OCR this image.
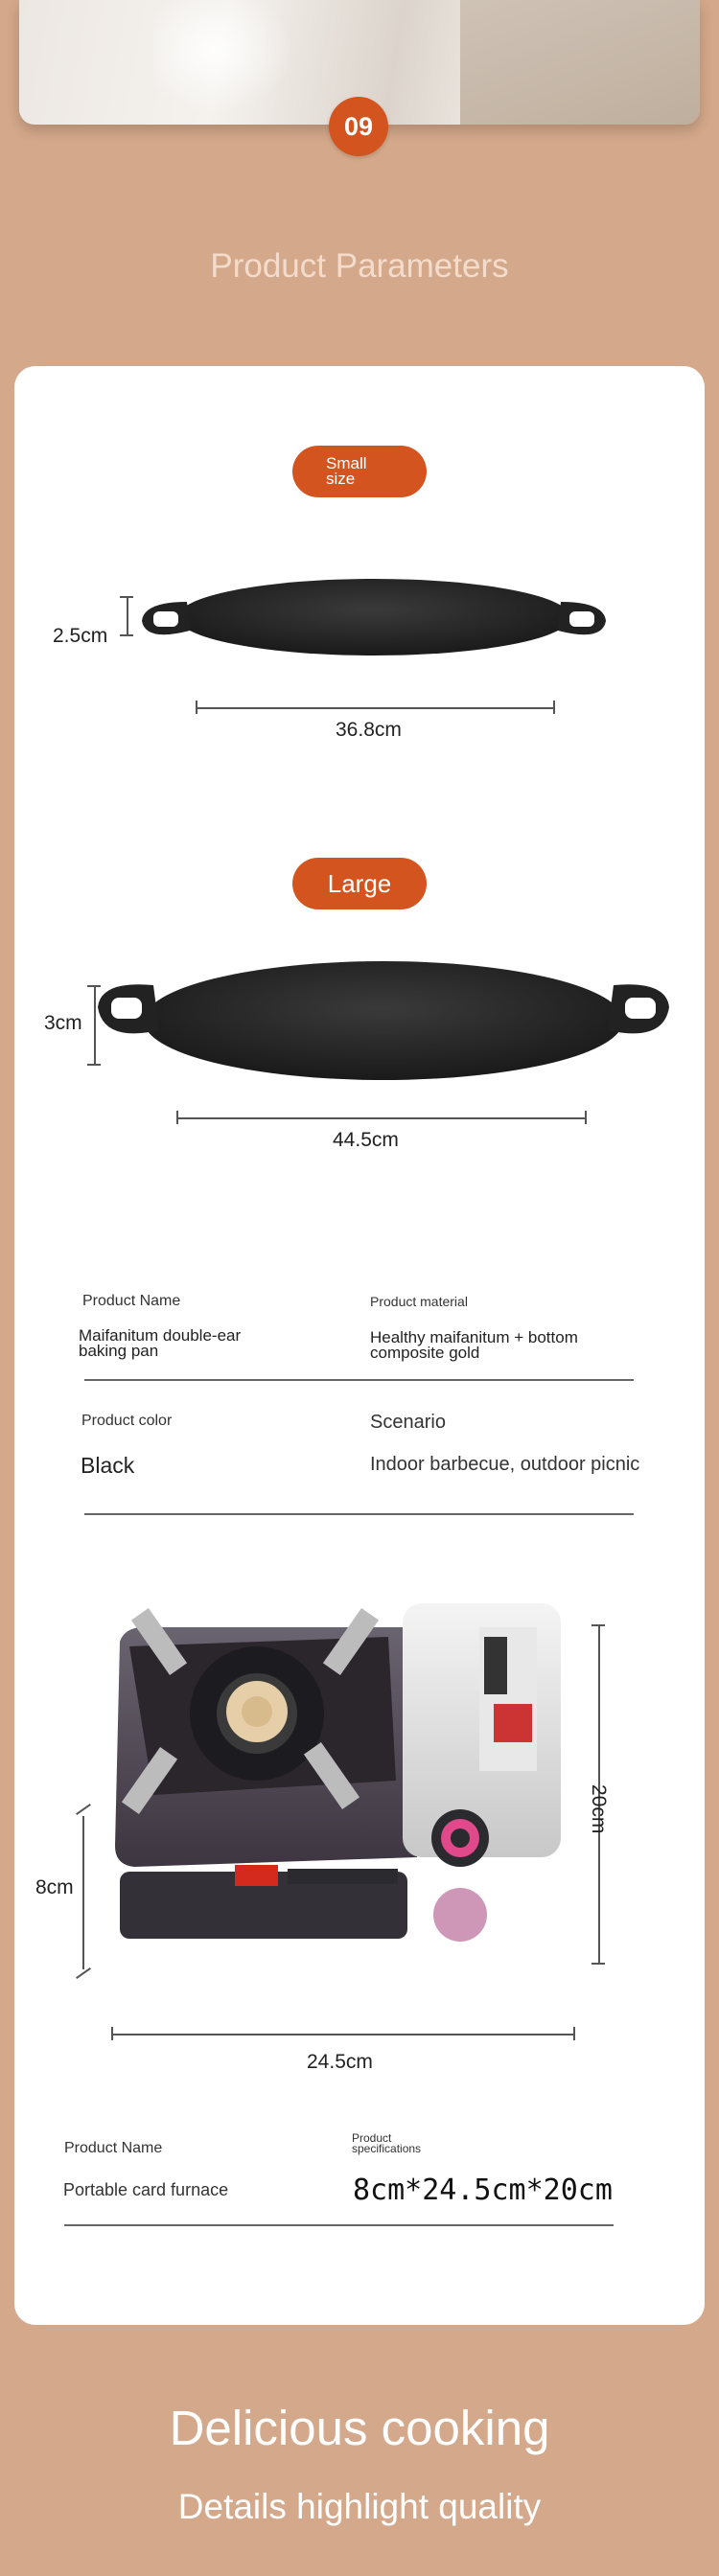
09
Product Parameters
Small size
2.5cm
36.8cm
Large
3cm
44.5cm
Product Name
Maifanitum double-ear baking pan
Product material
Healthy maifanitum + bottom composite gold
Product color
Black
Scenario
Indoor barbecue, outdoor picnic
20cm
8cm
24.5cm
Product Name
Portable card furnace
Product specifications
8cm*24.5cm*20cm
Delicious cooking
Details highlight quality
